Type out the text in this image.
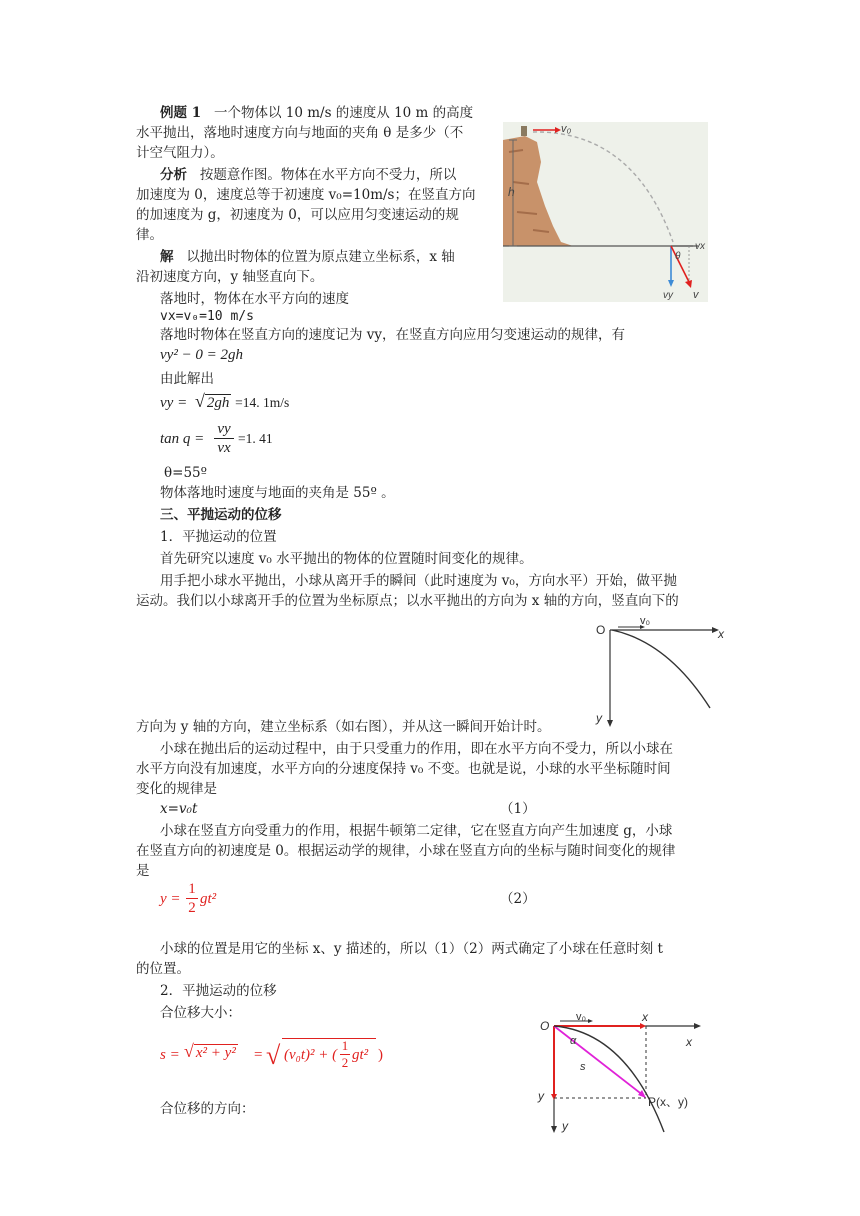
例题 1 一个物体以 10 m/s 的速度从 10 m 的高度
水平抛出，落地时速度方向与地面的夹角 θ 是多少（不
计空气阻力）。
分析 按题意作图。物体在水平方向不受力，所以
加速度为 0，速度总等于初速度 v₀=10m/s；在竖直方向
的加速度为 g，初速度为 0，可以应用匀变速运动的规
律。
解 以抛出时物体的位置为原点建立坐标系，x 轴
沿初速度方向，y 轴竖直向下。
落地时，物体在水平方向的速度
vx=v₀=10 m/s
落地时物体在竖直方向的速度记为 vy，在竖直方向应用匀变速运动的规律，有
vy² − 0 = 2gh
由此解出
vy = √ 2gh =14. 1m/s
$\tan q = \frac{vy}{vx} =1$. 41
θ=55º
物体落地时速度与地面的夹角是 55º 。
h
v₀
vx
θ
vy v
三、平抛运动的位移
1．平抛运动的位置
首先研究以速度 v₀ 水平抛出的物体的位置随时间变化的规律。
用手把小球水平抛出，小球从离开手的瞬间（此时速度为 v₀，方向水平）开始，做平抛
运动。我们以小球离开手的位置为坐标原点；以水平抛出的方向为 x 轴的方向，竖直向下的
O
v₀
x
y
方向为 y 轴的方向，建立坐标系（如右图），并从这一瞬间开始计时。
小球在抛出后的运动过程中，由于只受重力的作用，即在水平方向不受力，所以小球在
水平方向没有加速度，水平方向的分速度保持 v₀ 不变。也就是说，小球的水平坐标随时间
变化的规律是
x=v₀t	（1）
小球在竖直方向受重力的作用，根据牛顿第二定律，它在竖直方向产生加速度 g，小球
在竖直方向的初速度是 0。根据运动学的规律，小球在竖直方向的坐标与随时间变化的规律
是
y =
1
2
gt²	（2）
小球的位置是用它的坐标 x、y 描述的，所以（1）（2）两式确定了小球在任意时刻 t
的位置。
2．平抛运动的位移
合位移大小：
s = √ x² + y² = √ (v₀t)² + (
1
2 gt² )
合位移的方向：
O
v₀	x
x
α
s
y
y
P(x、y)
